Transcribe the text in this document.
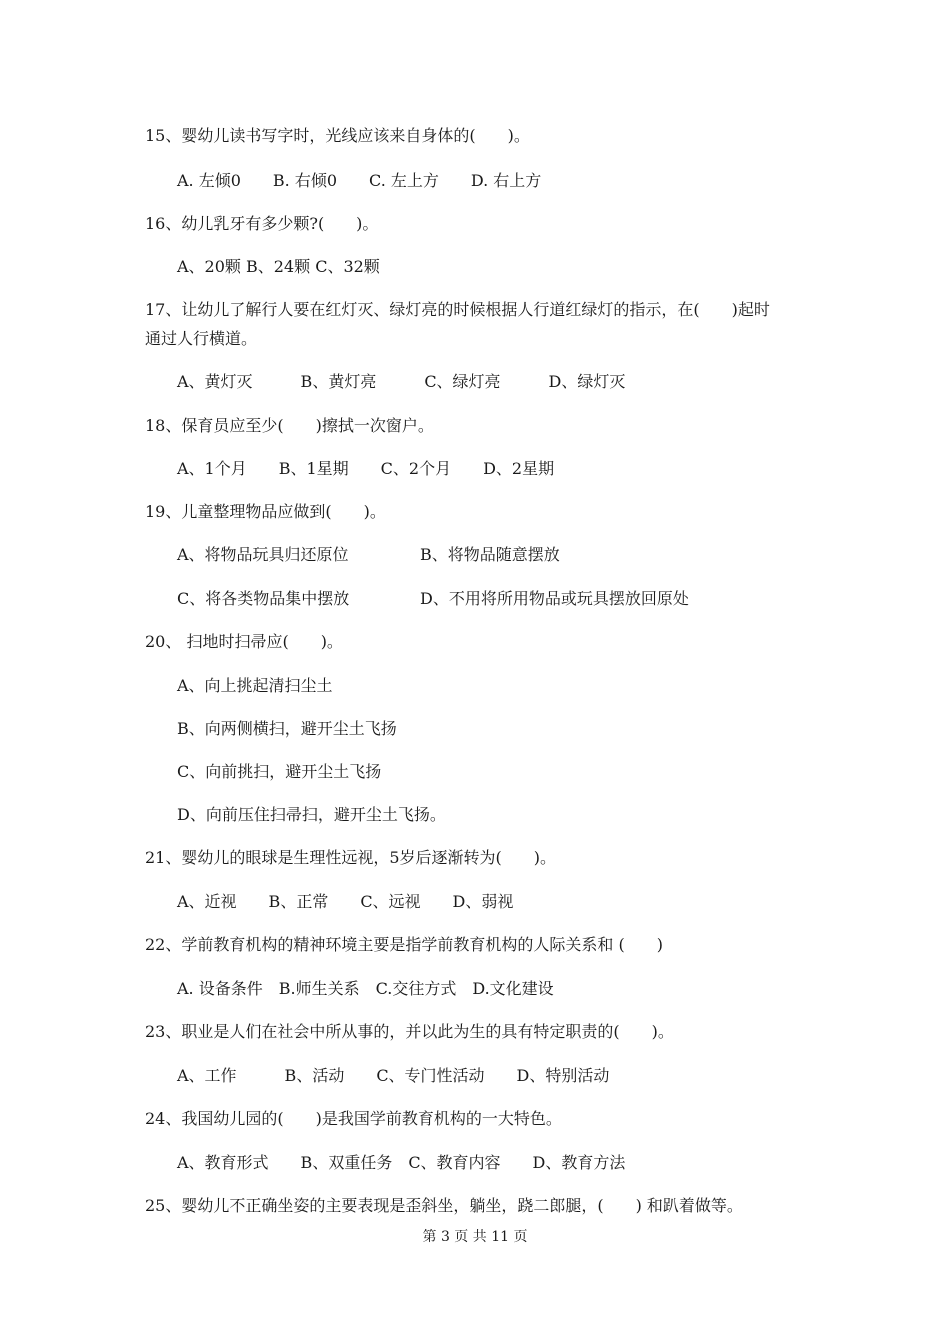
15、婴幼儿读书写字时，光线应该来自身体的(　　)。

A. 左倾0　　B. 右倾0　　C. 左上方　　D. 右上方

16、幼儿乳牙有多少颗?(　　)。

A、20颗 B、24颗 C、32颗

17、让幼儿了解行人要在红灯灭、绿灯亮的时候根据人行道红绿灯的指示，在(　　)起时

通过人行横道。

A、黄灯灭　　　B、黄灯亮　　　C、绿灯亮　　　D、绿灯灭

18、保育员应至少(　　)擦拭一次窗户。

A、1个月　　B、1星期　　C、2个月　　D、2星期

19、儿童整理物品应做到(　　)。

A、将物品玩具归还原位	B、将物品随意摆放

C、将各类物品集中摆放	D、不用将所用物品或玩具摆放回原处

20、 扫地时扫帚应(　　)。

A、向上挑起清扫尘土

B、向两侧横扫，避开尘土飞扬

C、向前挑扫，避开尘土飞扬

D、向前压住扫帚扫，避开尘土飞扬。

21、婴幼儿的眼球是生理性远视，5岁后逐渐转为(　　)。

A、近视　　B、正常　　C、远视　　D、弱视

22、学前教育机构的精神环境主要是指学前教育机构的人际关系和 (　　)

A. 设备条件　B.师生关系　C.交往方式　D.文化建设

23、职业是人们在社会中所从事的，并以此为生的具有特定职责的(　　)。

A、工作　　　B、活动　　C、专门性活动　　D、特别活动

24、我国幼儿园的(　　)是我国学前教育机构的一大特色。

A、教育形式　　B、双重任务　C、教育内容　　D、教育方法

25、婴幼儿不正确坐姿的主要表现是歪斜坐，躺坐，跷二郎腿，(　　) 和趴着做等。

第 3 页 共 11 页
